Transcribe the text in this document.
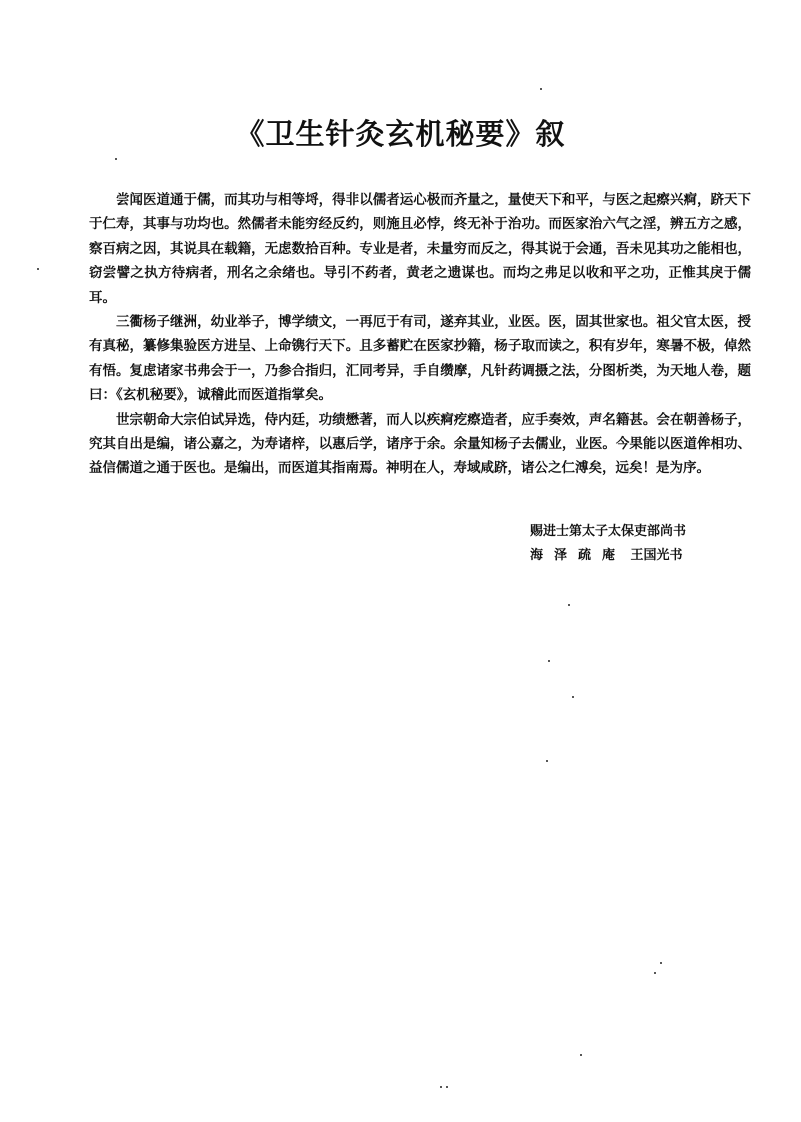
《卫生针灸玄机秘要》叙

尝闻医道通于儒，而其功与相等埒，得非以儒者运心极而齐量之，量使天下和平，与医之起瘵兴痾，跻天下于仁寿，其事与功均也。然儒者未能穷经反约，则施且必悖，终无补于治功。而医家治六气之淫，辨五方之感，察百病之因，其说具在载籍，无虑数拾百种。专业是者，未量穷而反之，得其说于会通，吾未见其功之能相也，窃尝譬之执方待病者，刑名之余绪也。导引不药者，黄老之遗谋也。而均之弗足以收和平之功，正惟其戾于儒耳。

三衢杨子继洲，幼业举子，博学绩文，一再厄于有司，遂弃其业，业医。医，固其世家也。祖父官太医，授有真秘，纂修集验医方进呈、上命镌行天下。且多蓄贮在医家抄籍，杨子取而读之，积有岁年，寒暑不极，倬然有悟。复虑诸家书弗会于一，乃参合指归，汇同考异，手自缵摩，凡针药调摄之法，分图析类，为天地人卷，题曰：《玄机秘要》，诚稽此而医道指掌矣。

世宗朝命大宗伯试异选，侍内廷，功绩懋著，而人以疾痾疙瘵造者，应手奏效，声名籍甚。会在朝善杨子，究其自出是编，诸公嘉之，为寿诸梓，以惠后学，诸序于余。余量知杨子去儒业，业医。今果能以医道侔相功、益信儒道之通于医也。是编出，而医道其指南焉。神明在人，寿域咸跻，诸公之仁溥矣，远矣！是为序。

赐进士第太子太保吏部尚书
海泽疏庵 王国光书
